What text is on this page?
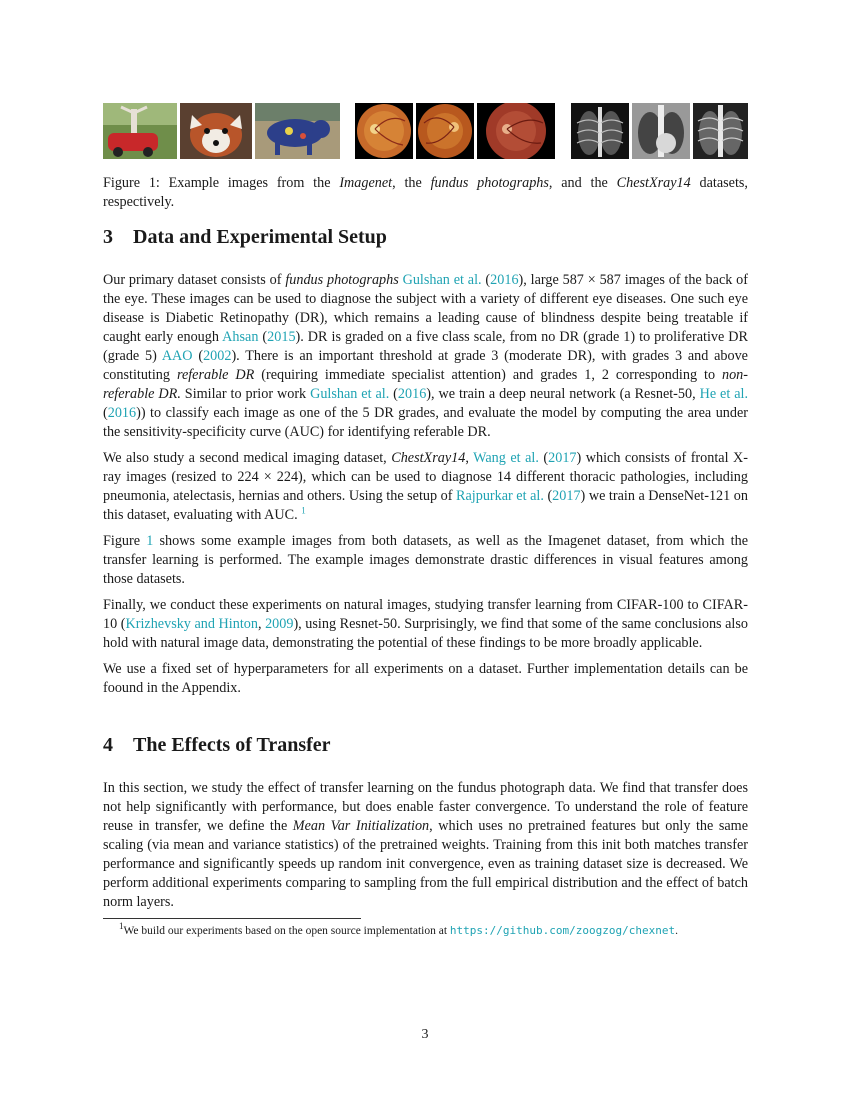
Figure 1: Example images from the Imagenet, the fundus photographs, and the ChestXray14 datasets, respectively.
3 Data and Experimental Setup

Our primary dataset consists of fundus photographs Gulshan et al. (2016), large 587 × 587 images of the back of the eye. These images can be used to diagnose the subject with a variety of different eye diseases. One such eye disease is Diabetic Retinopathy (DR), which remains a leading cause of blindness despite being treatable if caught early enough Ahsan (2015). DR is graded on a five class scale, from no DR (grade 1) to proliferative DR (grade 5) AAO (2002). There is an important threshold at grade 3 (moderate DR), with grades 3 and above constituting referable DR (requiring immediate specialist attention) and grades 1, 2 corresponding to non-referable DR. Similar to prior work Gulshan et al. (2016), we train a deep neural network (a Resnet-50, He et al. (2016)) to classify each image as one of the 5 DR grades, and evaluate the model by computing the area under the sensitivity-specificity curve (AUC) for identifying referable DR.

We also study a second medical imaging dataset, ChestXray14, Wang et al. (2017) which consists of frontal X-ray images (resized to 224 × 224), which can be used to diagnose 14 different thoracic pathologies, including pneumonia, atelectasis, hernias and others. Using the setup of Rajpurkar et al. (2017) we train a DenseNet-121 on this dataset, evaluating with AUC. $^1$

Figure 1 shows some example images from both datasets, as well as the Imagenet dataset, from which the transfer learning is performed. The example images demonstrate drastic differences in visual features among those datasets.

Finally, we conduct these experiments on natural images, studying transfer learning from CIFAR-100 to CIFAR-10 (Krizhevsky and Hinton, 2009), using Resnet-50. Surprisingly, we find that some of the same conclusions also hold with natural image data, demonstrating the potential of these findings to be more broadly applicable.

We use a fixed set of hyperparameters for all experiments on a dataset. Further implementation details can be foound in the Appendix.

4 The Effects of Transfer

In this section, we study the effect of transfer learning on the fundus photograph data. We find that transfer does not help significantly with performance, but does enable faster convergence. To understand the role of feature reuse in transfer, we define the Mean Var Initialization, which uses no pretrained features but only the same scaling (via mean and variance statistics) of the pretrained weights. Training from this init both matches transfer performance and significantly speeds up random init convergence, even as training dataset size is decreased. We perform additional experiments comparing to sampling from the full empirical distribution and the effect of batch norm layers.

$^1$We build our experiments based on the open source implementation at https://github.com/zoogzog/chexnet.
3
